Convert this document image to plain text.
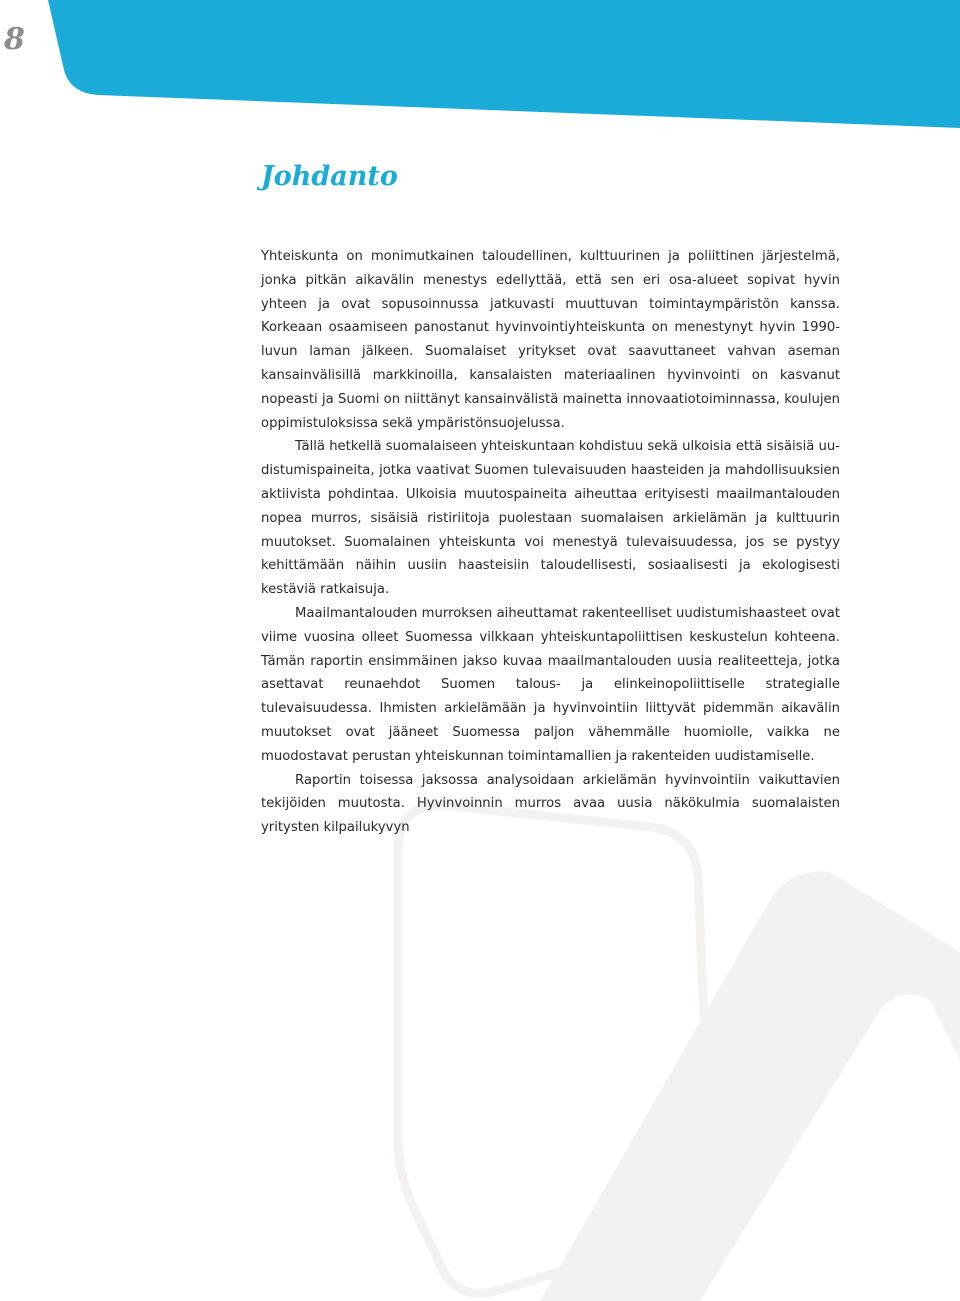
8
Johdanto

Yhteiskunta on monimutkainen taloudellinen, kulttuurinen ja poliittinen järjestelmä, jonka pitkän aikavälin menestys edellyttää, että sen eri osa-alueet sopivat hyvin yhteen ja ovat sopusoinnussa jatkuvasti muuttuvan toimintaympäristön kanssa. Korkeaan osaamiseen panostanut hyvinvointiyhteiskunta on menestynyt hyvin 1990-luvun laman jälkeen. Suomalaiset yritykset ovat saavuttaneet vahvan aseman kansainvälisillä markkinoilla, kansalaisten materiaalinen hyvinvointi on kasvanut nopeasti ja Suomi on niittänyt kansainvälistä mainetta innovaatiotoiminnassa, koulujen oppimistuloksissa sekä ympäristönsuojelussa.

Tällä hetkellä suomalaiseen yhteiskuntaan kohdistuu sekä ulkoisia että sisäisiä uudistumispaineita, jotka vaativat Suomen tulevaisuuden haasteiden ja mahdollisuuksien aktiivista pohdintaa. Ulkoisia muutospaineita aiheuttaa erityisesti maailmantalouden nopea murros, sisäisiä ristiriitoja puolestaan suomalaisen arkielämän ja kulttuurin muutokset. Suomalainen yhteiskunta voi menestyä tulevaisuudessa, jos se pystyy kehittämään näihin uusiin haasteisiin taloudellisesti, sosiaalisesti ja ekologisesti kestäviä ratkaisuja.

Maailmantalouden murroksen aiheuttamat rakenteelliset uudistumishaasteet ovat viime vuosina olleet Suomessa vilkkaan yhteiskuntapoliittisen keskustelun kohteena. Tämän raportin ensimmäinen jakso kuvaa maailmantalouden uusia realiteetteja, jotka asettavat reunaehdot Suomen talous- ja elinkeinopoliittiselle strategialle tulevaisuudessa. Ihmisten arkielämään ja hyvinvointiin liittyvät pidemmän aikavälin muutokset ovat jääneet Suomessa paljon vähemmälle huomiolle, vaikka ne muodostavat perustan yhteiskunnan toimintamallien ja rakenteiden uudistamiselle.

Raportin toisessa jaksossa analysoidaan arkielämän hyvinvointiin vaikuttavien tekijöiden muutosta. Hyvinvoinnin murros avaa uusia näkökulmia suomalaisten yritysten kilpailukyvyn
